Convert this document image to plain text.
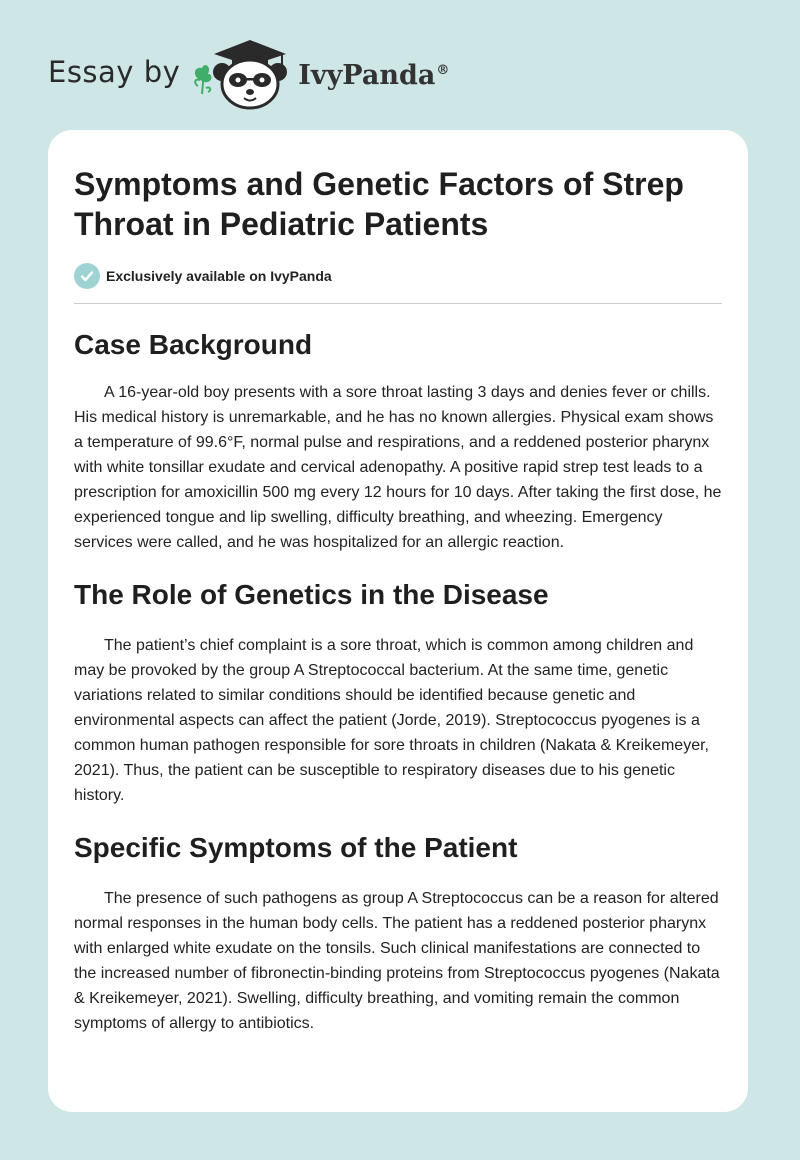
Essay by	IvyPanda®
Symptoms and Genetic Factors of Strep Throat in Pediatric Patients
Exclusively available on IvyPanda
Case Background

A 16-year-old boy presents with a sore throat lasting 3 days and denies fever or chills. His medical history is unremarkable, and he has no known allergies. Physical exam shows a temperature of 99.6°F, normal pulse and respirations, and a reddened posterior pharynx with white tonsillar exudate and cervical adenopathy. A positive rapid strep test leads to a prescription for amoxicillin 500 mg every 12 hours for 10 days. After taking the first dose, he experienced tongue and lip swelling, difficulty breathing, and wheezing. Emergency services were called, and he was hospitalized for an allergic reaction.

The Role of Genetics in the Disease

The patient’s chief complaint is a sore throat, which is common among children and may be provoked by the group A Streptococcal bacterium. At the same time, genetic variations related to similar conditions should be identified because genetic and environmental aspects can affect the patient (Jorde, 2019). Streptococcus pyogenes is a common human pathogen responsible for sore throats in children (Nakata & Kreikemeyer, 2021). Thus, the patient can be susceptible to respiratory diseases due to his genetic history.

Specific Symptoms of the Patient

The presence of such pathogens as group A Streptococcus can be a reason for altered normal responses in the human body cells. The patient has a reddened posterior pharynx with enlarged white exudate on the tonsils. Such clinical manifestations are connected to the increased number of fibronectin-binding proteins from Streptococcus pyogenes (Nakata & Kreikemeyer, 2021). Swelling, difficulty breathing, and vomiting remain the common symptoms of allergy to antibiotics.
